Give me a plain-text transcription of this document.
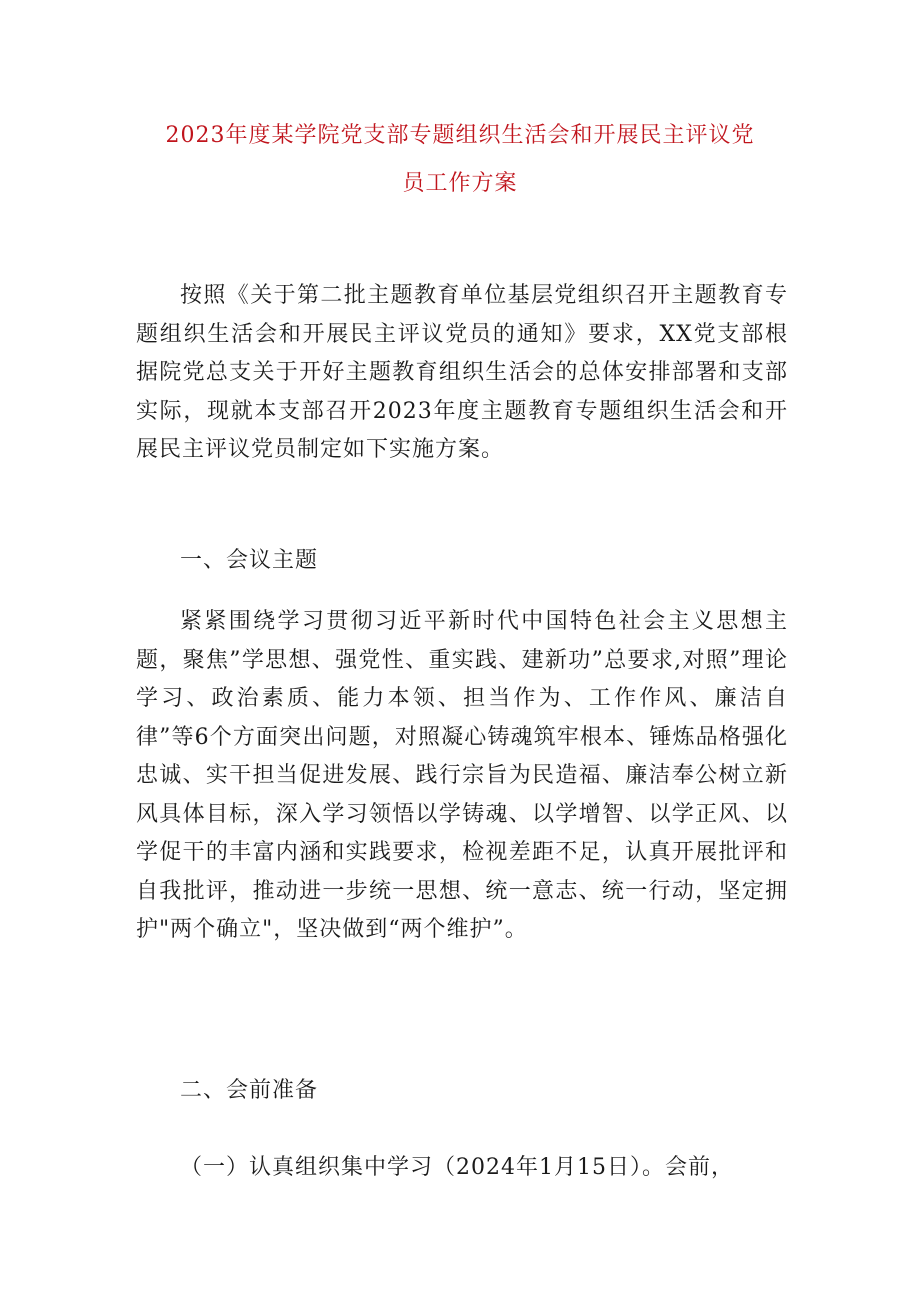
2023年度某学院党支部专题组织生活会和开展民主评议党
员工作方案
按照《关于第二批主题教育单位基层党组织召开主题教育专题组织生活会和开展民主评议党员的通知》要求，XX党支部根据院党总支关于开好主题教育组织生活会的总体安排部署和支部实际，现就本支部召开2023年度主题教育专题组织生活会和开展民主评议党员制定如下实施方案。
一、会议主题
紧紧围绕学习贯彻习近平新时代中国特色社会主义思想主题，聚焦”学思想、强党性、重实践、建新功”总要求,对照”理论学习、政治素质、能力本领、担当作为、工作作风、廉洁自律”等6个方面突出问题，对照凝心铸魂筑牢根本、锤炼品格强化忠诚、实干担当促进发展、践行宗旨为民造福、廉洁奉公树立新风具体目标，深入学习领悟以学铸魂、以学增智、以学正风、以学促干的丰富内涵和实践要求，检视差距不足，认真开展批评和自我批评，推动进一步统一思想、统一意志、统一行动，坚定拥护"两个确立"，坚决做到“两个维护”。
二、会前准备
（一）认真组织集中学习（2024年1月15日）。会前，
